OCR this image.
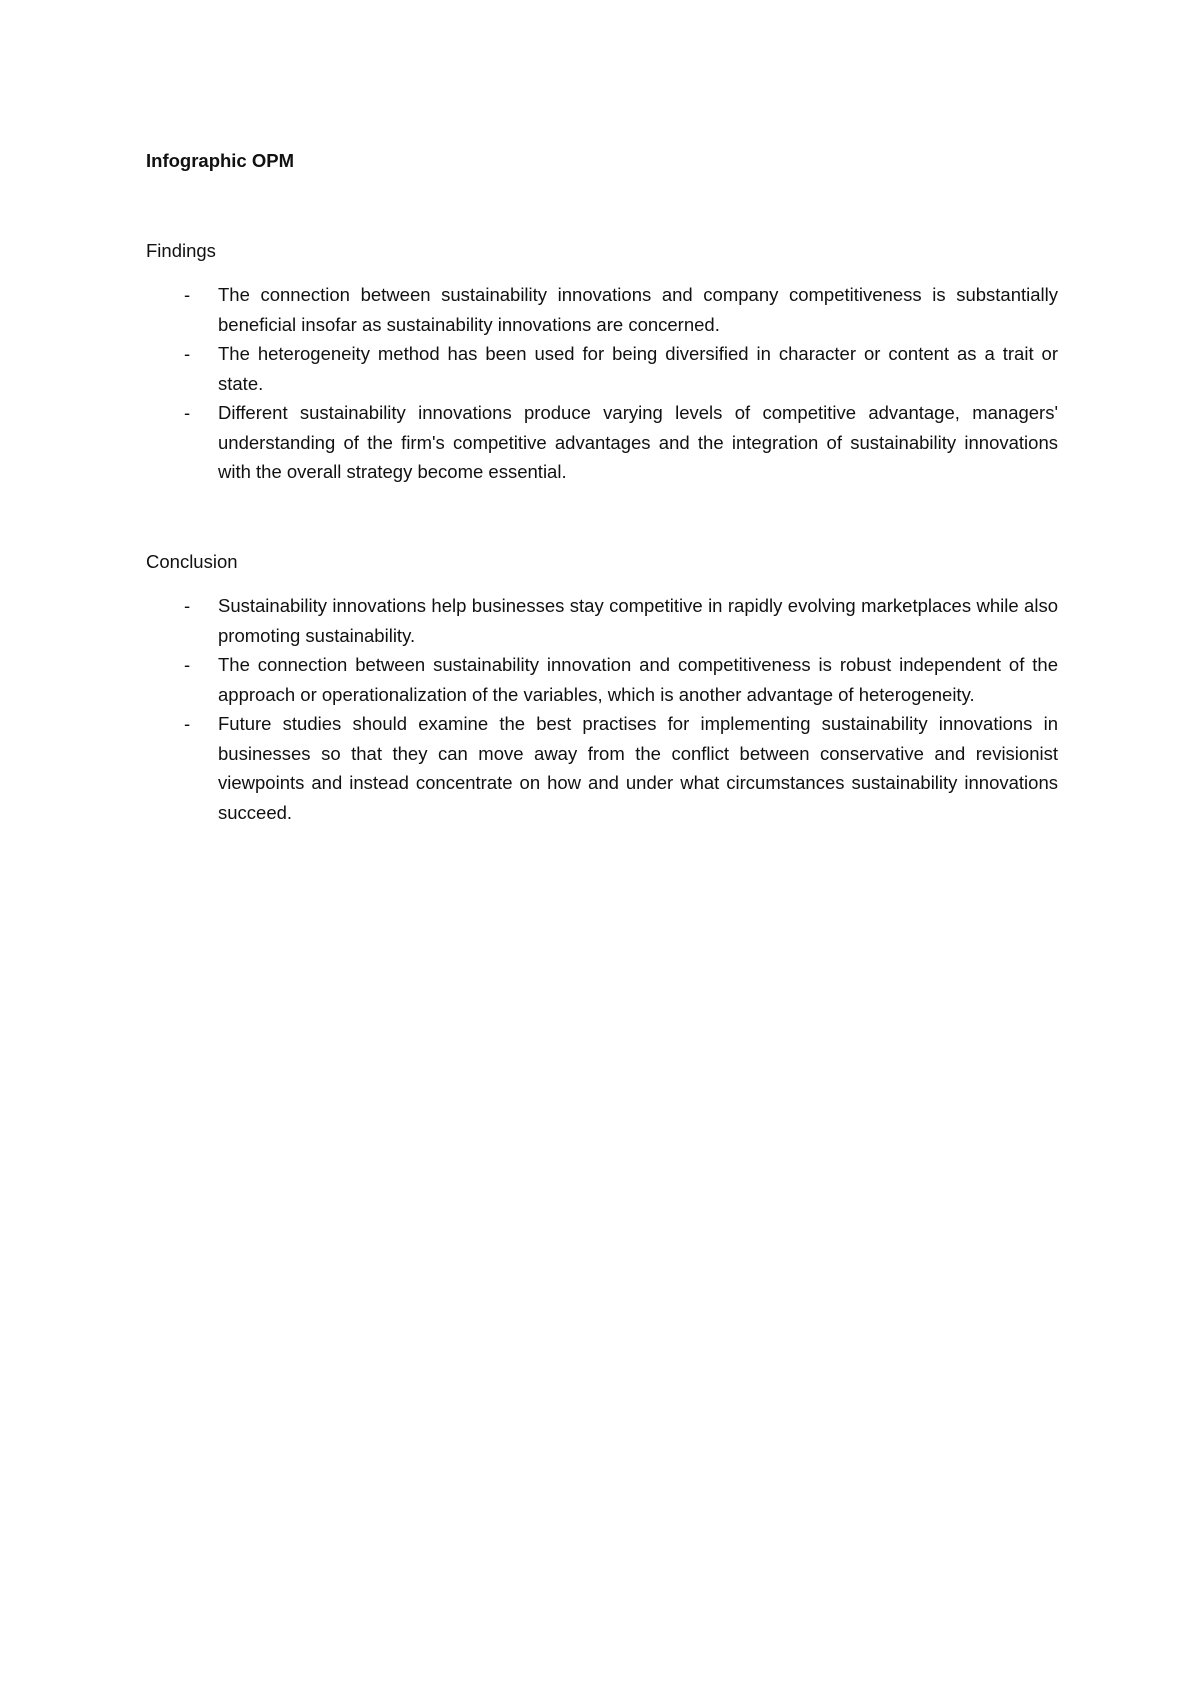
Infographic OPM

Findings

- The connection between sustainability innovations and company competitiveness is substantially beneficial insofar as sustainability innovations are concerned.
- The heterogeneity method has been used for being diversified in character or content as a trait or state.
- Different sustainability innovations produce varying levels of competitive advantage, managers' understanding of the firm's competitive advantages and the integration of sustainability innovations with the overall strategy become essential.

Conclusion

- Sustainability innovations help businesses stay competitive in rapidly evolving marketplaces while also promoting sustainability.
- The connection between sustainability innovation and competitiveness is robust independent of the approach or operationalization of the variables, which is another advantage of heterogeneity.
- Future studies should examine the best practises for implementing sustainability innovations in businesses so that they can move away from the conflict between conservative and revisionist viewpoints and instead concentrate on how and under what circumstances sustainability innovations succeed.
